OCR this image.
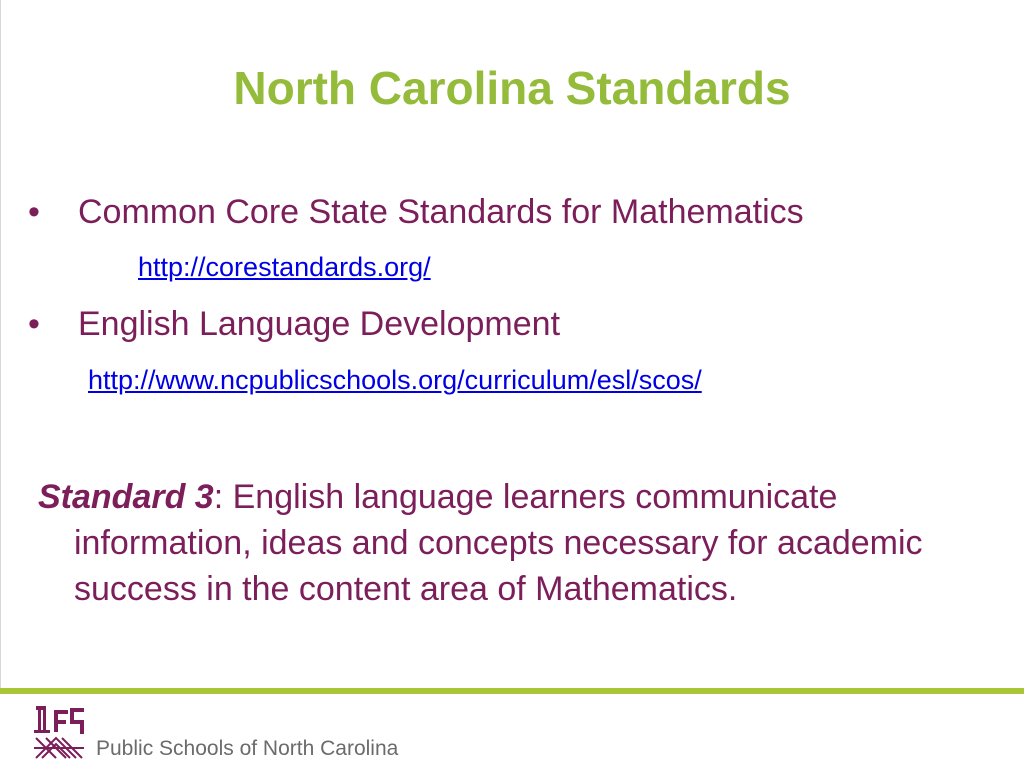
North Carolina Standards
• Common Core State Standards for Mathematics
http://corestandards.org/
• English Language Development
http://www.ncpublicschools.org/curriculum/esl/scos/
Standard 3: English language learners communicate information, ideas and concepts necessary for academic success in the content area of Mathematics.
Public Schools of North Carolina
